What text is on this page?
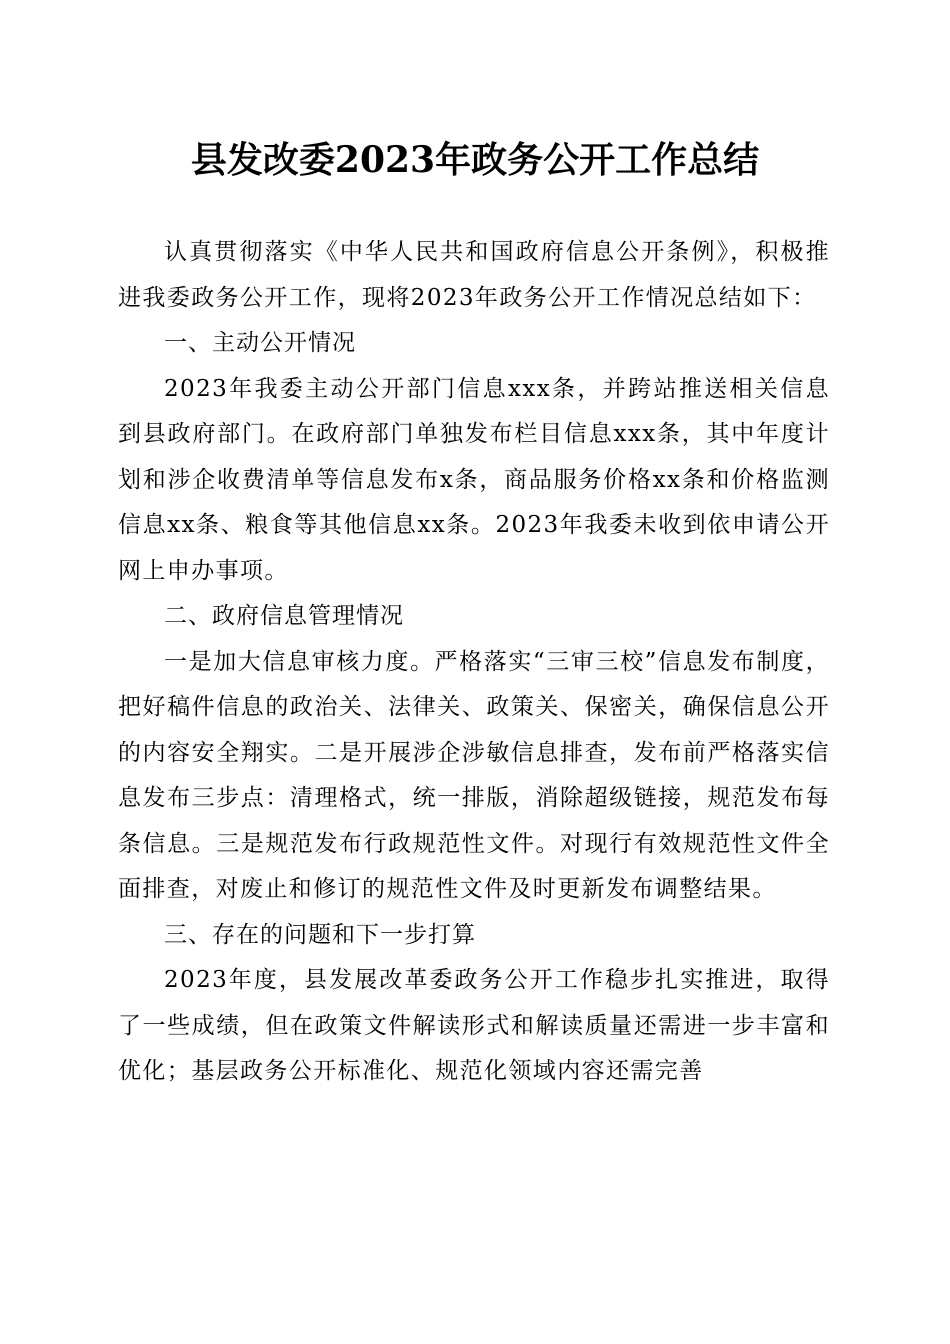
县发改委2023年政务公开工作总结

认真贯彻落实《中华人民共和国政府信息公开条例》，积极推进我委政务公开工作，现将2023年政务公开工作情况总结如下：

一、主动公开情况

2023年我委主动公开部门信息xxx条，并跨站推送相关信息到县政府部门。在政府部门单独发布栏目信息xxx条，其中年度计划和涉企收费清单等信息发布x条，商品服务价格xx条和价格监测信息xx条、粮食等其他信息xx条。2023年我委未收到依申请公开网上申办事项。

二、政府信息管理情况

一是加大信息审核力度。严格落实“三审三校”信息发布制度，把好稿件信息的政治关、法律关、政策关、保密关，确保信息公开的内容安全翔实。二是开展涉企涉敏信息排查，发布前严格落实信息发布三步点：清理格式，统一排版，消除超级链接，规范发布每条信息。三是规范发布行政规范性文件。对现行有效规范性文件全面排查，对废止和修订的规范性文件及时更新发布调整结果。

三、存在的问题和下一步打算

2023年度，县发展改革委政务公开工作稳步扎实推进，取得了一些成绩，但在政策文件解读形式和解读质量还需进一步丰富和优化；基层政务公开标准化、规范化领域内容还需完善
